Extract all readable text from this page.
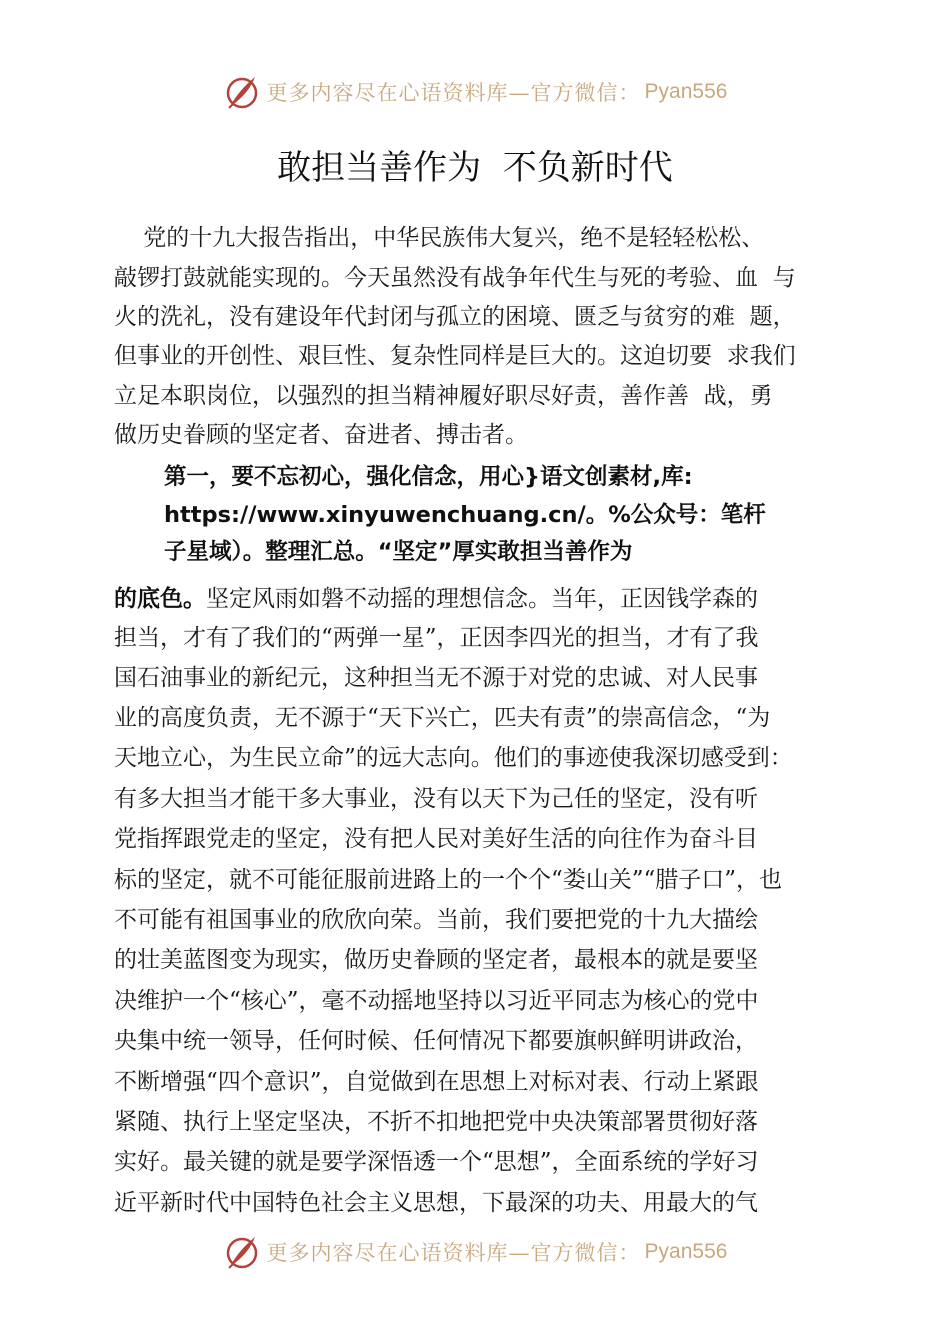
更多内容尽在心语资料库—官方微信： Pyan556
敢担当善作为  不负新时代
党的十九大报告指出，中华民族伟大复兴，绝不是轻轻松松、
敲锣打鼓就能实现的。今天虽然没有战争年代生与死的考验、血  与
火的洗礼，没有建设年代封闭与孤立的困境、匮乏与贫穷的难  题，
但事业的开创性、艰巨性、复杂性同样是巨大的。这迫切要  求我们
立足本职岗位，以强烈的担当精神履好职尽好责，善作善  战，勇
做历史眷顾的坚定者、奋进者、搏击者。
第一，要不忘初心，强化信念，用心}语文创素材,库:
https://www.xinyuwenchuang.cn/。%公众号：笔杆
子星域）。整理汇总。“坚定”厚实敢担当善作为
的底色。坚定风雨如磐不动摇的理想信念。当年，正因钱学森的
担当，才有了我们的“两弹一星”，正因李四光的担当，才有了我
国石油事业的新纪元，这种担当无不源于对党的忠诚、对人民事
业的高度负责，无不源于“天下兴亡，匹夫有责”的崇高信念，“为
天地立心，为生民立命”的远大志向。他们的事迹使我深切感受到：
有多大担当才能干多大事业，没有以天下为己任的坚定，没有听
党指挥跟党走的坚定，没有把人民对美好生活的向往作为奋斗目
标的坚定，就不可能征服前进路上的一个个“娄山关”“腊子口”，也
不可能有祖国事业的欣欣向荣。当前，我们要把党的十九大描绘
的壮美蓝图变为现实，做历史眷顾的坚定者，最根本的就是要坚
决维护一个“核心”，毫不动摇地坚持以习近平同志为核心的党中
央集中统一领导，任何时候、任何情况下都要旗帜鲜明讲政治，
不断增强“四个意识”，自觉做到在思想上对标对表、行动上紧跟
紧随、执行上坚定坚决，不折不扣地把党中央决策部署贯彻好落
实好。最关键的就是要学深悟透一个“思想”，全面系统的学好习
近平新时代中国特色社会主义思想，下最深的功夫、用最大的气
更多内容尽在心语资料库—官方微信： Pyan556
